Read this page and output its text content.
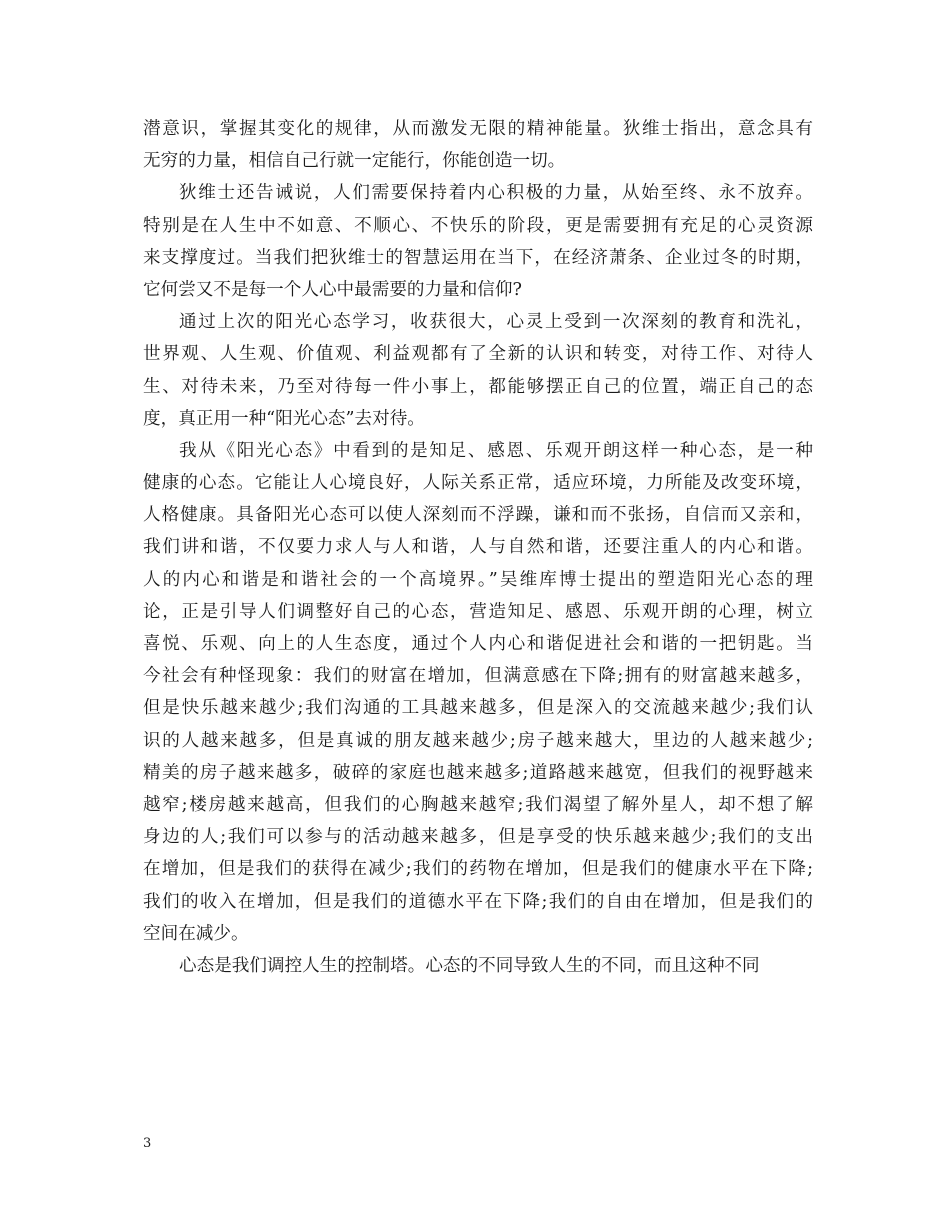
潜意识，掌握其变化的规律，从而激发无限的精神能量。狄维士指出，意念具有
无穷的力量，相信自己行就一定能行，你能创造一切。
狄维士还告诫说，人们需要保持着内心积极的力量，从始至终、永不放弃。
特别是在人生中不如意、不顺心、不快乐的阶段，更是需要拥有充足的心灵资源
来支撑度过。当我们把狄维士的智慧运用在当下，在经济萧条、企业过冬的时期，
它何尝又不是每一个人心中最需要的力量和信仰?
通过上次的阳光心态学习，收获很大，心灵上受到一次深刻的教育和洗礼，
世界观、人生观、价值观、利益观都有了全新的认识和转变，对待工作、对待人
生、对待未来，乃至对待每一件小事上，都能够摆正自己的位置，端正自己的态
度，真正用一种“阳光心态”去对待。
我从《阳光心态》中看到的是知足、感恩、乐观开朗这样一种心态，是一种
健康的心态。它能让人心境良好，人际关系正常，适应环境，力所能及改变环境，
人格健康。具备阳光心态可以使人深刻而不浮躁，谦和而不张扬，自信而又亲和，
我们讲和谐，不仅要力求人与人和谐，人与自然和谐，还要注重人的内心和谐。
人的内心和谐是和谐社会的一个高境界。”吴维库博士提出的塑造阳光心态的理
论，正是引导人们调整好自己的心态，营造知足、感恩、乐观开朗的心理，树立
喜悦、乐观、向上的人生态度，通过个人内心和谐促进社会和谐的一把钥匙。当
今社会有种怪现象：我们的财富在增加，但满意感在下降;拥有的财富越来越多，
但是快乐越来越少;我们沟通的工具越来越多，但是深入的交流越来越少;我们认
识的人越来越多，但是真诚的朋友越来越少;房子越来越大，里边的人越来越少;
精美的房子越来越多，破碎的家庭也越来越多;道路越来越宽，但我们的视野越来
越窄;楼房越来越高，但我们的心胸越来越窄;我们渴望了解外星人，却不想了解
身边的人;我们可以参与的活动越来越多，但是享受的快乐越来越少;我们的支出
在增加，但是我们的获得在减少;我们的药物在增加，但是我们的健康水平在下降;
我们的收入在增加，但是我们的道德水平在下降;我们的自由在增加，但是我们的
空间在减少。
心态是我们调控人生的控制塔。心态的不同导致人生的不同，而且这种不同
3
